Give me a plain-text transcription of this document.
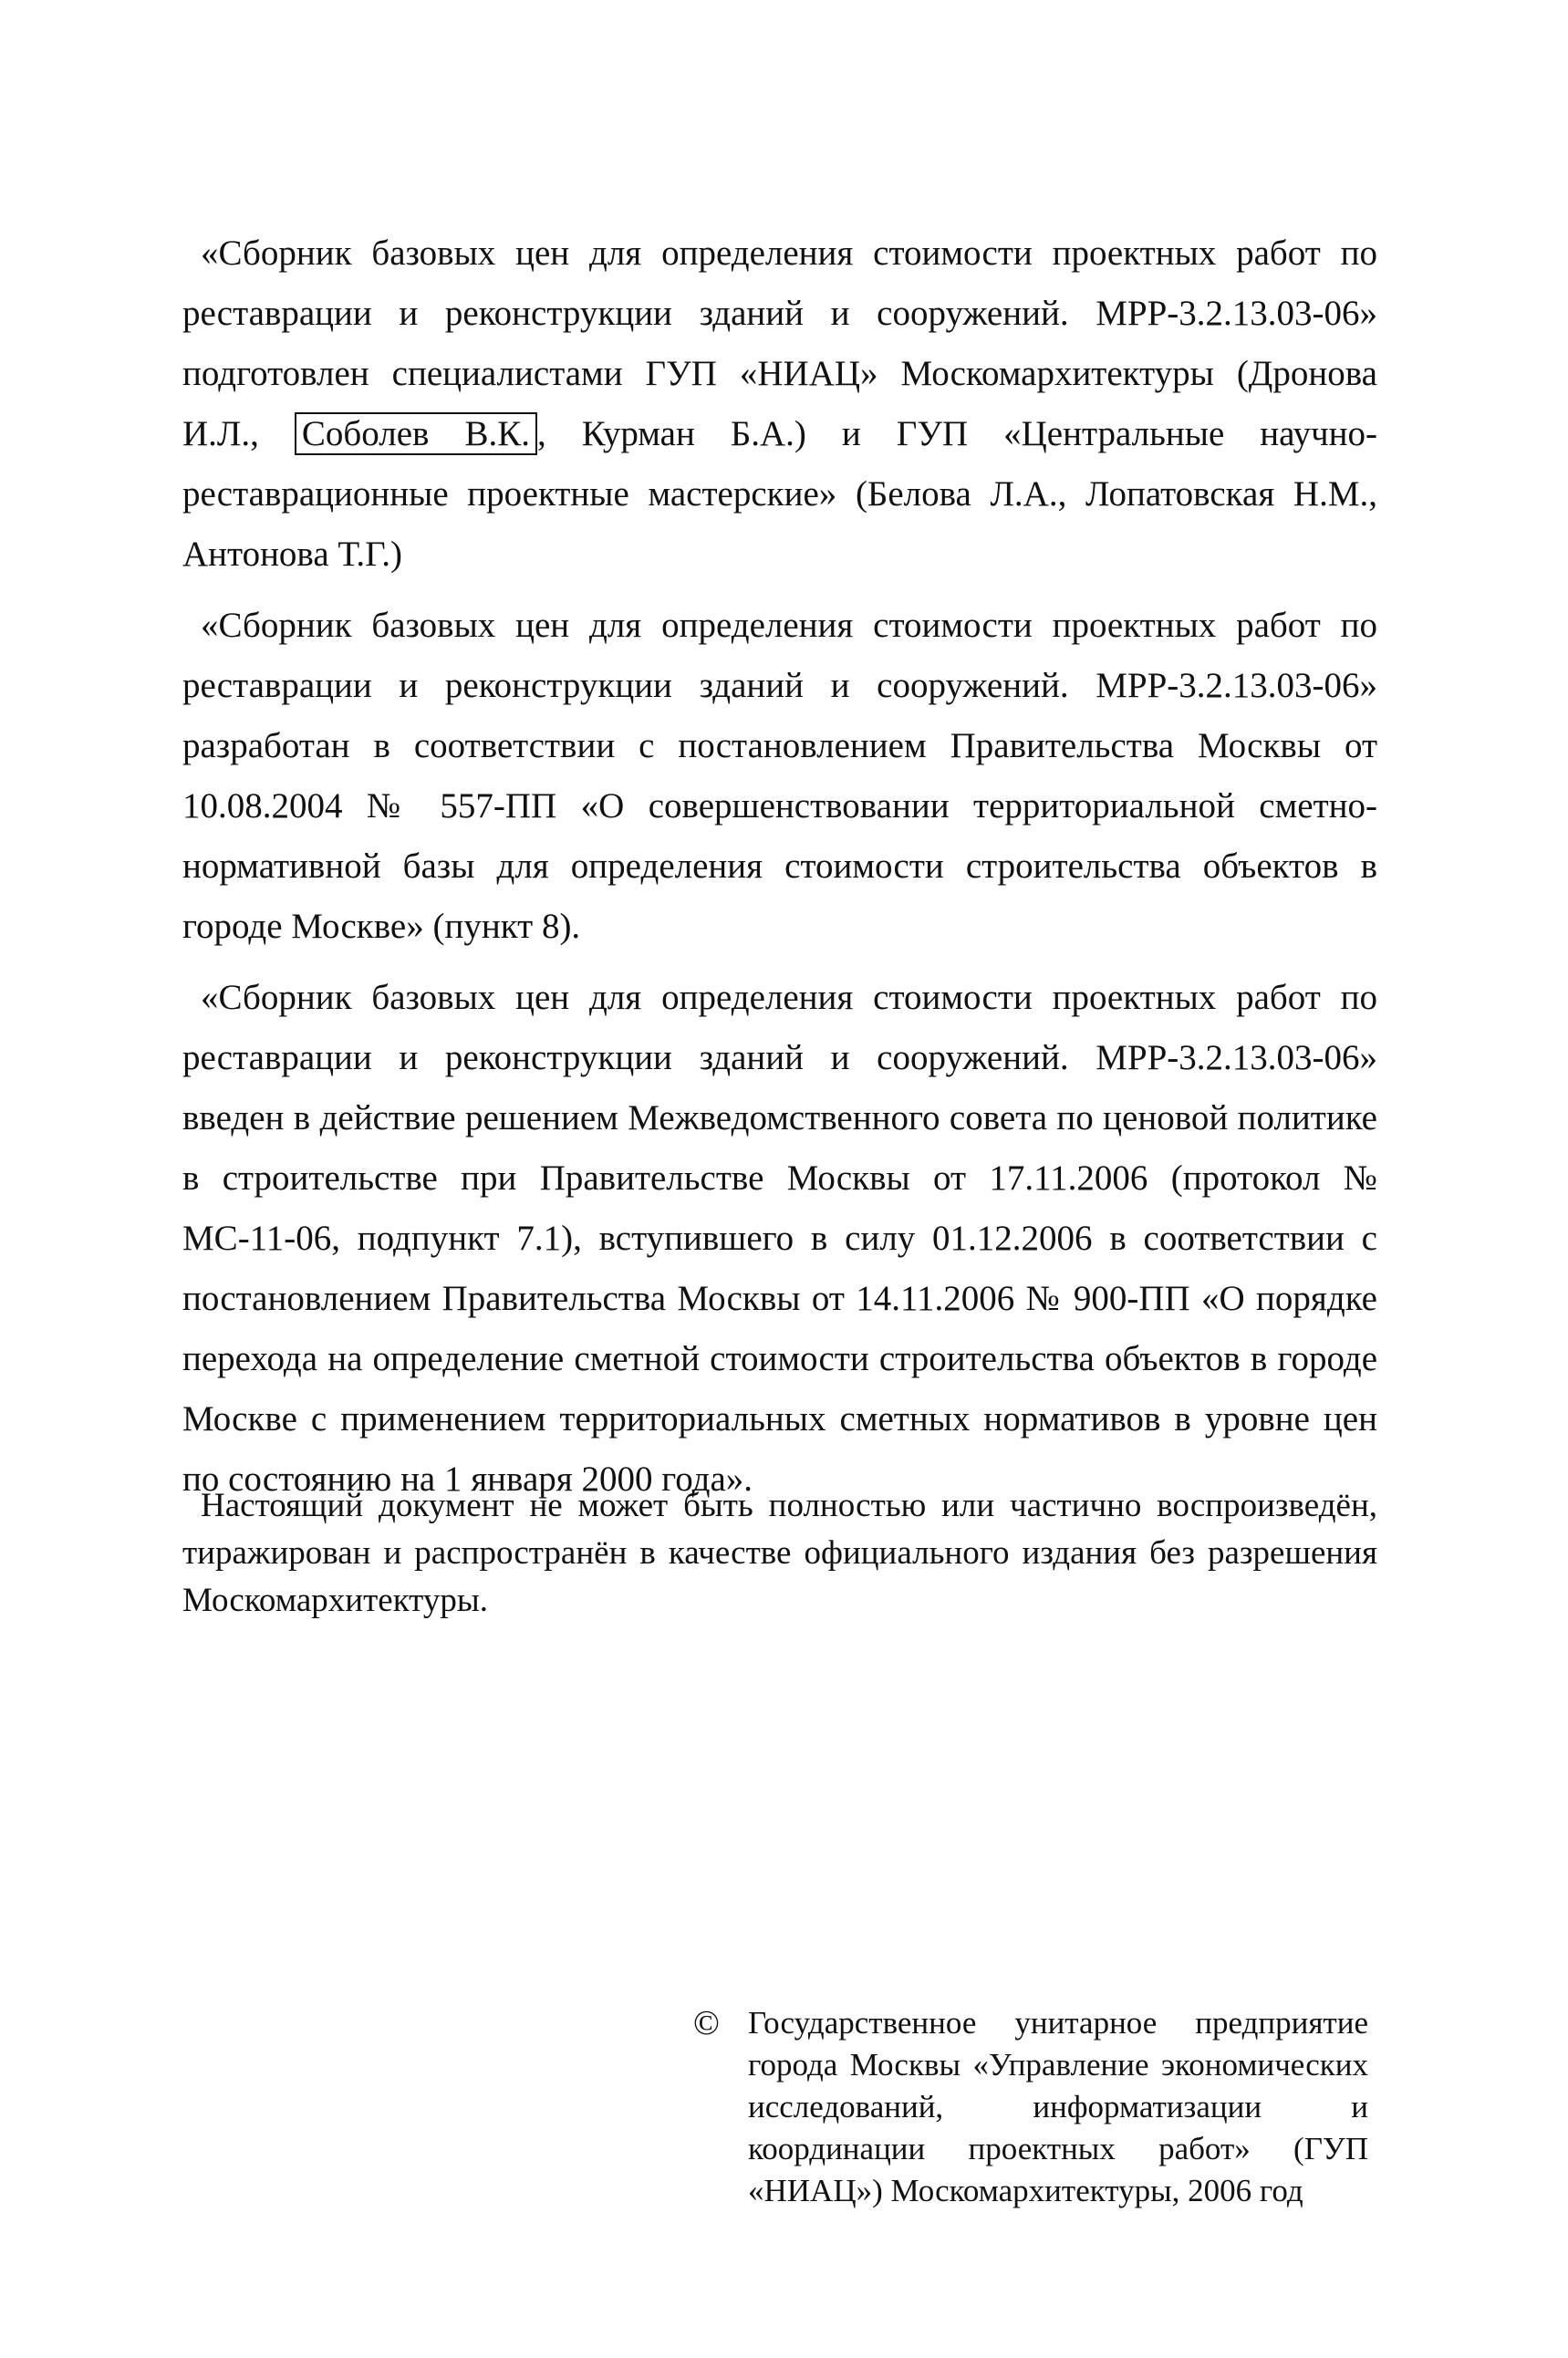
«Сборник базовых цен для определения стоимости проектных работ по реставрации и реконструкции зданий и сооружений. МРР-3.2.13.03-06» подготовлен специалистами ГУП «НИАЦ» Москомархитектуры (Дронова И.Л., Соболев В.К. , Курман Б.А.) и ГУП «Центральные научно-реставрационные проектные мастерские» (Белова Л.А., Лопатовская Н.М., Антонова Т.Г.)

«Сборник базовых цен для определения стоимости проектных работ по реставрации и реконструкции зданий и сооружений. МРР-3.2.13.03-06» разработан в соответствии с постановлением Правительства Москвы от 10.08.2004 № 557-ПП «О совершенствовании территориальной сметно-нормативной базы для определения стоимости строительства объектов в городе Москве» (пункт 8).

«Сборник базовых цен для определения стоимости проектных работ по реставрации и реконструкции зданий и сооружений. МРР-3.2.13.03-06» введен в действие решением Межведомственного совета по ценовой политике в строительстве при Правительстве Москвы от 17.11.2006 (протокол № МС-11-06, подпункт 7.1), вступившего в силу 01.12.2006 в соответствии с постановлением Правительства Москвы от 14.11.2006 № 900-ПП «О порядке перехода на определение сметной стоимости строительства объектов в городе Москве с применением территориальных сметных нормативов в уровне цен по состоянию на 1 января 2000 года».

Настоящий документ не может быть полностью или частично воспроизведён, тиражирован и распространён в качестве официального издания без разрешения Москомархитектуры.

© Государственное унитарное предприятие города Москвы «Управление экономических исследований, информатизации и координации проектных работ» (ГУП «НИАЦ») Москомархитектуры, 2006 год
